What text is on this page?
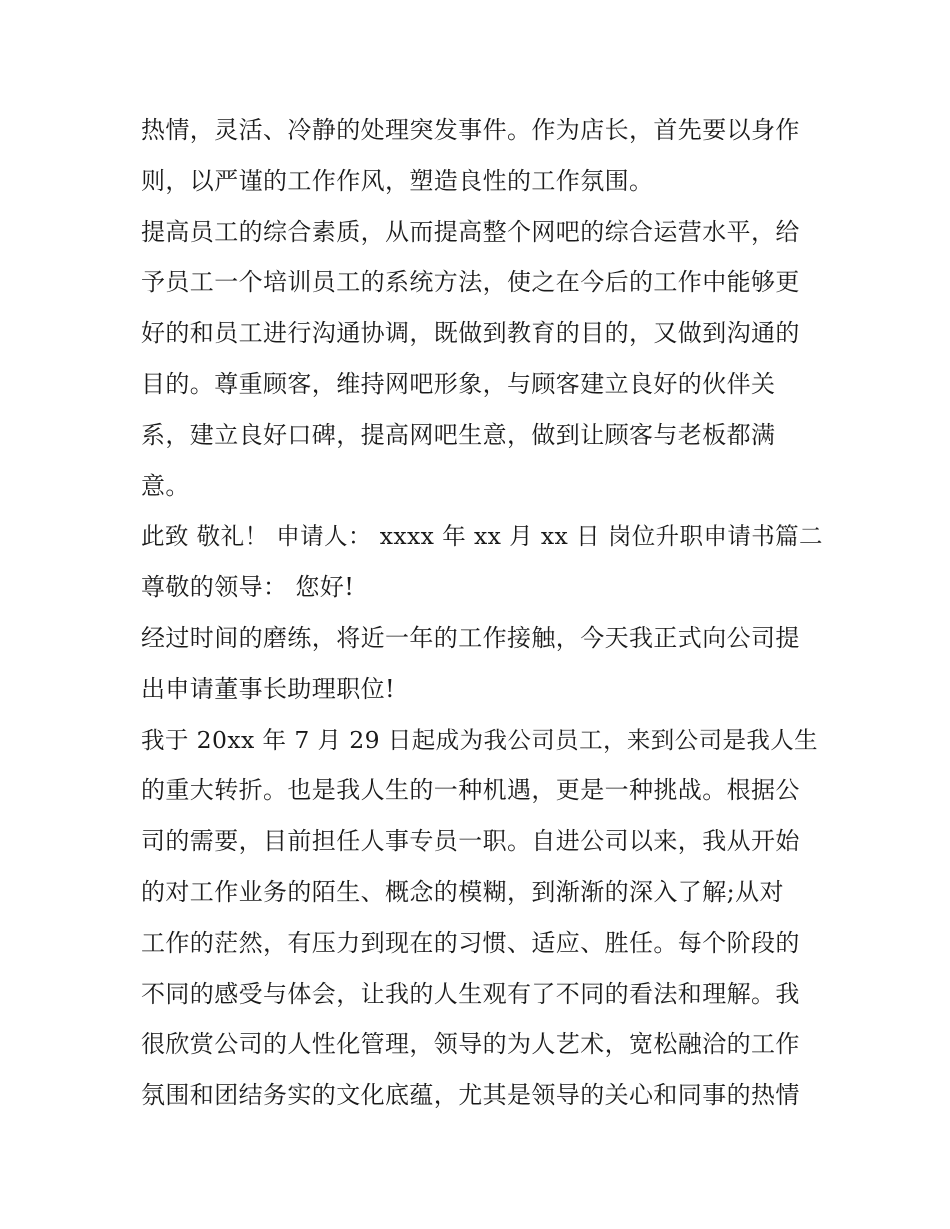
热情，灵活、冷静的处理突发事件。作为店长，首先要以身作
则，以严谨的工作作风，塑造良性的工作氛围。
提高员工的综合素质，从而提高整个网吧的综合运营水平，给
予员工一个培训员工的系统方法，使之在今后的工作中能够更
好的和员工进行沟通协调，既做到教育的目的，又做到沟通的
目的。尊重顾客，维持网吧形象，与顾客建立良好的伙伴关
系，建立良好口碑，提高网吧生意，做到让顾客与老板都满
意。
此致 敬礼！ 申请人： xxxx 年 xx 月 xx 日 岗位升职申请书篇二
尊敬的领导： 您好!
经过时间的磨练，将近一年的工作接触，今天我正式向公司提
出申请董事长助理职位!
我于 20xx 年 7 月 29 日起成为我公司员工，来到公司是我人生
的重大转折。也是我人生的一种机遇，更是一种挑战。根据公
司的需要，目前担任人事专员一职。自进公司以来，我从开始
的对工作业务的陌生、概念的模糊，到渐渐的深入了解;从对
工作的茫然，有压力到现在的习惯、适应、胜任。每个阶段的
不同的感受与体会，让我的人生观有了不同的看法和理解。我
很欣赏公司的人性化管理，领导的为人艺术，宽松融洽的工作
氛围和团结务实的文化底蕴，尤其是领导的关心和同事的热情
